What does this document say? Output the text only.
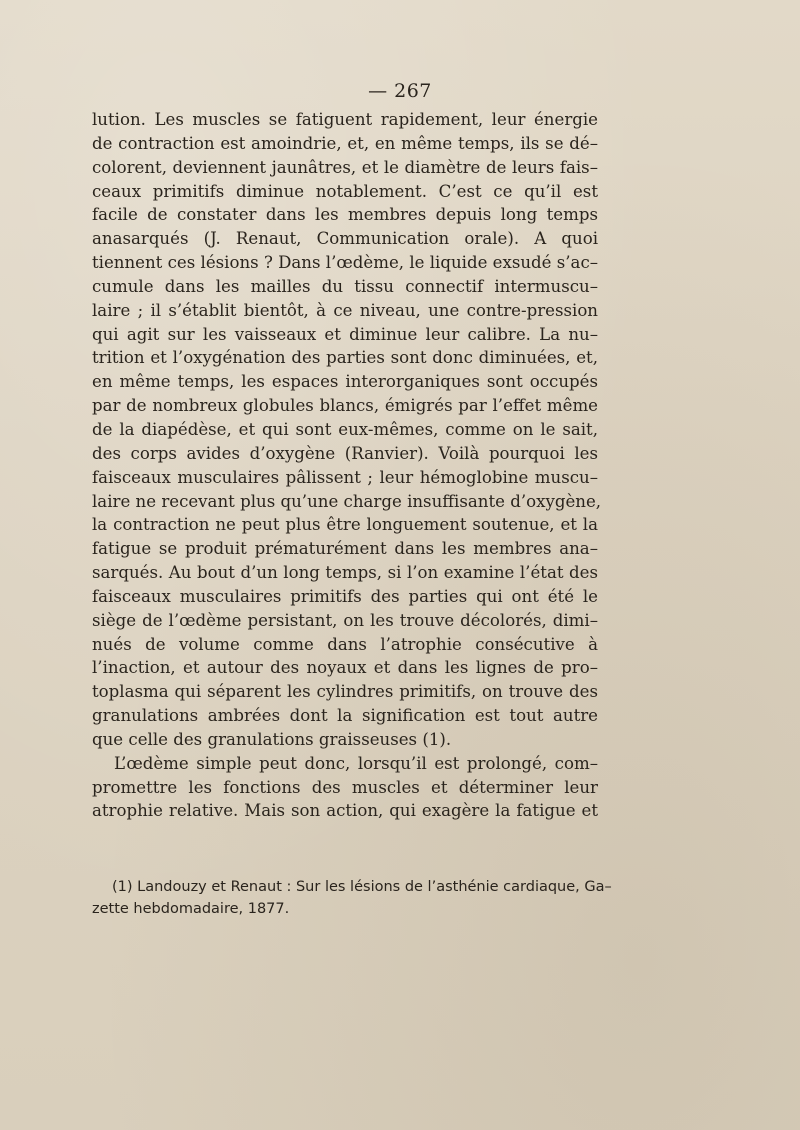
— 267
lution. Les muscles se fatiguent rapidement, leur énergie
de contraction est amoindrie, et, en même temps, ils se dé–
colorent, deviennent jaunâtres, et le diamètre de leurs fais–
ceaux primitifs diminue notablement. C’est ce qu’il est
facile de constater dans les membres depuis long temps
anasarqués (J. Renaut, Communication orale). A quoi
tiennent ces lésions ? Dans l’œdème, le liquide exsudé s’ac–
cumule dans les mailles du tissu connectif intermuscu–
laire ; il s’établit bientôt, à ce niveau, une contre-pression
qui agit sur les vaisseaux et diminue leur calibre. La nu–
trition et l’oxygénation des parties sont donc diminuées, et,
en même temps, les espaces interorganiques sont occupés
par de nombreux globules blancs, émigrés par l’effet même
de la diapédèse, et qui sont eux-mêmes, comme on le sait,
des corps avides d’oxygène (Ranvier). Voilà pourquoi les
faisceaux musculaires pâlissent ; leur hémoglobine muscu–
laire ne recevant plus qu’une charge insuffisante d’oxygène,
la contraction ne peut plus être longuement soutenue, et la
fatigue se produit prématurément dans les membres ana–
sarqués. Au bout d’un long temps, si l’on examine l’état des
faisceaux musculaires primitifs des parties qui ont été le
siège de l’œdème persistant, on les trouve décolorés, dimi–
nués de volume comme dans l’atrophie consécutive à
l’inaction, et autour des noyaux et dans les lignes de pro–
toplasma qui séparent les cylindres primitifs, on trouve des
granulations ambrées dont la signification est tout autre
que celle des granulations graisseuses (1).
L’œdème simple peut donc, lorsqu’il est prolongé, com–
promettre les fonctions des muscles et déterminer leur
atrophie relative. Mais son action, qui exagère la fatigue et
(1) Landouzy et Renaut : Sur les lésions de l’asthénie cardiaque, Ga–
zette hebdomadaire, 1877.
